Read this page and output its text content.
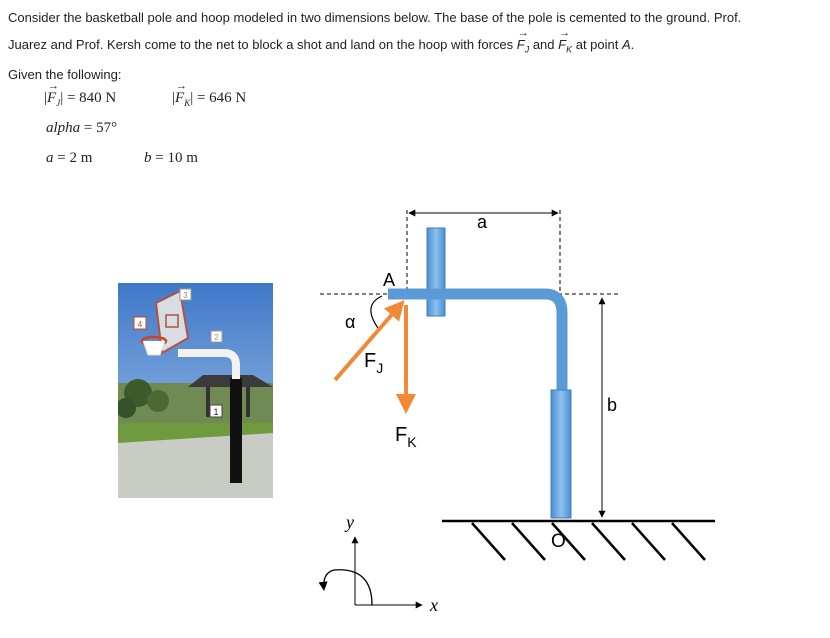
Consider the basketball pole and hoop modeled in two dimensions below. The base of the pole is cemented to the ground. Prof.
Juarez and Prof. Kersh come to the net to block a shot and land on the hoop with forces → $F_J$ and → $F_K$ at point A.
Given the following:
|→ $F_J| = 840$ N	|→ $F_K| = 646$ N
alpha = 57°
a = 2 m	b = 10 m
1
2
3
4
a
b
A
α
$F_J$
$F_K$
O
y
x
